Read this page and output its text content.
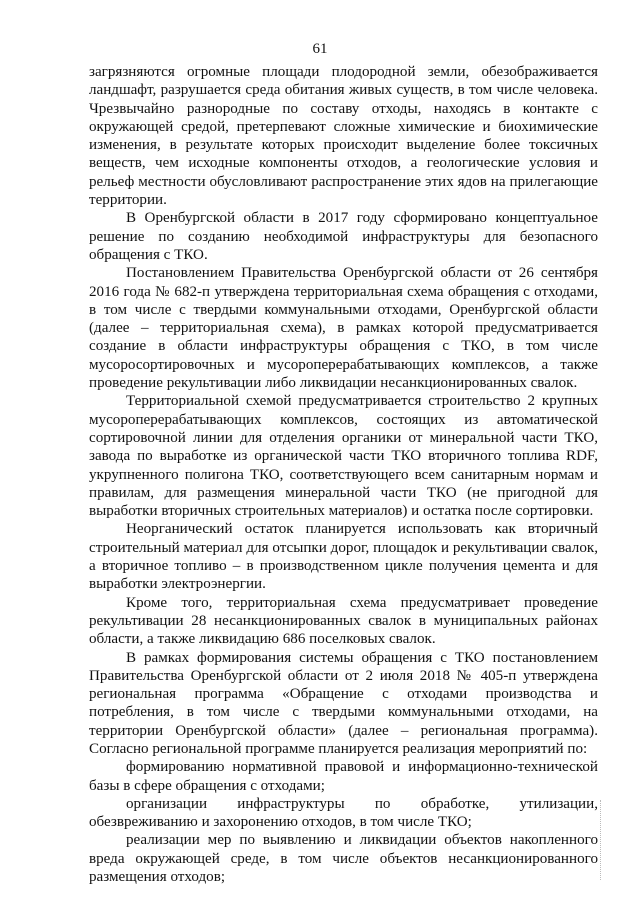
61

загрязняются огромные площади плодородной земли, обезображивается ландшафт, разрушается среда обитания живых существ, в том числе человека. Чрезвычайно разнородные по составу отходы, находясь в контакте с окружающей средой, претерпевают сложные химические и биохимические изменения, в результате которых происходит выделение более токсичных веществ, чем исходные компоненты отходов, а геологические условия и рельеф местности обусловливают распространение этих ядов на прилегающие территории.

В Оренбургской области в 2017 году сформировано концептуальное решение по созданию необходимой инфраструктуры для безопасного обращения с ТКО.

Постановлением Правительства Оренбургской области от 26 сентября 2016 года № 682-п утверждена территориальная схема обращения с отходами, в том числе с твердыми коммунальными отходами, Оренбургской области (далее – территориальная схема), в рамках которой предусматривается создание в области инфраструктуры обращения с ТКО, в том числе мусоросортировочных и мусороперерабатывающих комплексов, а также проведение рекультивации либо ликвидации несанкционированных свалок.

Территориальной схемой предусматривается строительство 2 крупных мусороперерабатывающих комплексов, состоящих из автоматической сортировочной линии для отделения органики от минеральной части ТКО, завода по выработке из органической части ТКО вторичного топлива RDF, укрупненного полигона ТКО, соответствующего всем санитарным нормам и правилам, для размещения минеральной части ТКО (не пригодной для выработки вторичных строительных материалов) и остатка после сортировки.

Неорганический остаток планируется использовать как вторичный строительный материал для отсыпки дорог, площадок и рекультивации свалок, а вторичное топливо – в производственном цикле получения цемента и для выработки электроэнергии.

Кроме того, территориальная схема предусматривает проведение рекультивации 28 несанкционированных свалок в муниципальных районах области, а также ликвидацию 686 поселковых свалок.

В рамках формирования системы обращения с ТКО постановлением Правительства Оренбургской области от 2 июля 2018 № 405-п утверждена региональная программа «Обращение с отходами производства и потребления, в том числе с твердыми коммунальными отходами, на территории Оренбургской области» (далее – региональная программа). Согласно региональной программе планируется реализация мероприятий по:

формированию нормативной правовой и информационно-технической базы в сфере обращения с отходами;

организации инфраструктуры по обработке, утилизации, обезвреживанию и захоронению отходов, в том числе ТКО;

реализации мер по выявлению и ликвидации объектов накопленного вреда окружающей среде, в том числе объектов несанкционированного размещения отходов;
